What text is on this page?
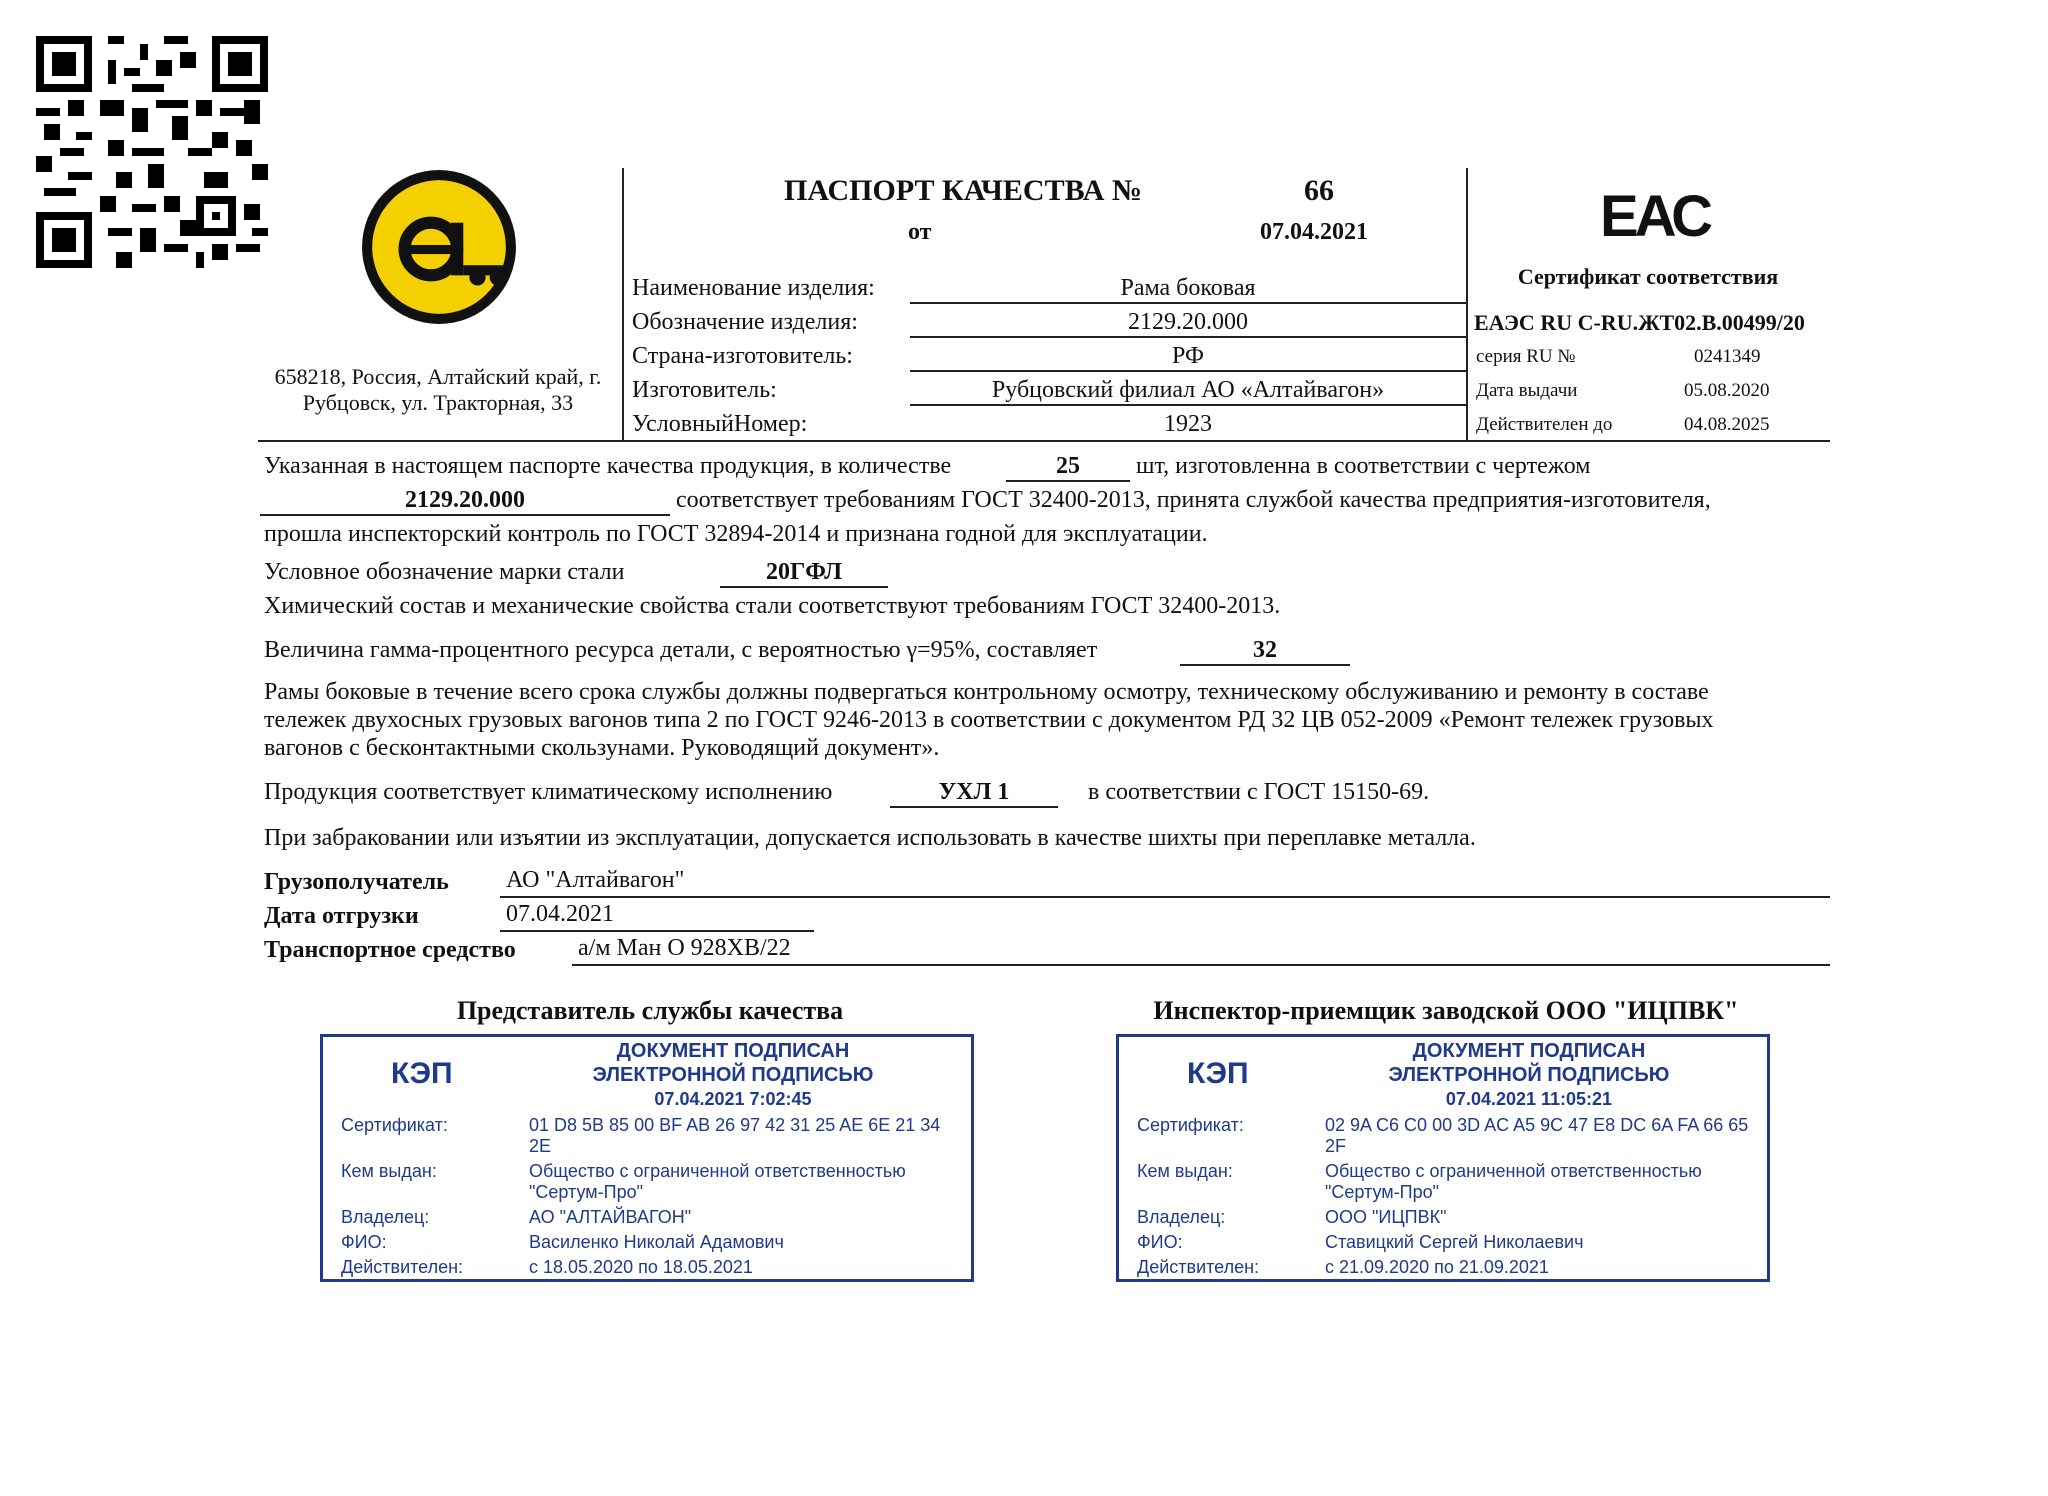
658218, Россия, Алтайский край, г.
Рубцовск, ул. Тракторная, 33
ПАСПОРТ КАЧЕСТВА №	66
от	07.04.2021
Наименование изделия:	Рама боковая
Обозначение изделия:	2129.20.000
Страна-изготовитель:	РФ
Изготовитель:	Рубцовский филиал АО «Алтайвагон»
УсловныйНомер:	1923
ЕАС
Сертификат соответствия
ЕАЭС RU C-RU.ЖТ02.В.00499/20
серия RU №	0241349
Дата выдачи	05.08.2020
Действителен до	04.08.2025
Указанная в настоящем паспорте качества продукция, в количестве	25	шт, изготовленна в соответствии с чертежом
2129.20.000	соответствует требованиям ГОСТ 32400-2013, принята службой качества предприятия-изготовителя,
прошла инспекторский контроль по ГОСТ 32894-2014 и признана годной для эксплуатации.
Условное обозначение марки стали	20ГФЛ
Химический состав и механические свойства стали соответствуют требованиям ГОСТ 32400-2013.
Величина гамма-процентного ресурса детали, с вероятностью γ=95%, составляет	32
Рамы боковые в течение всего срока службы должны подвергаться контрольному осмотру, техническому обслуживанию и ремонту в составе
тележек двухосных грузовых вагонов типа 2 по ГОСТ 9246-2013 в соответствии с документом РД 32 ЦВ 052-2009 «Ремонт тележек грузовых
вагонов с бесконтактными скользунами. Руководящий документ».
Продукция соответствует климатическому исполнению	УХЛ 1	в соответствии с ГОСТ 15150-69.
При забраковании или изъятии из эксплуатации, допускается использовать в качестве шихты при переплавке металла.
Грузополучатель АО "Алтайвагон"
Дата отгрузки	07.04.2021
Транспортное средство	а/м Ман О 928ХВ/22
Представитель службы качества	Инспектор-приемщик заводской ООО "ИЦПВК"
КЭП
ДОКУМЕНТ ПОДПИСАН
ЭЛЕКТРОННОЙ ПОДПИСЬЮ
07.04.2021 7:02:45
Сертификат:	01 D8 5B 85 00 BF AB 26 97 42 31 25 AE 6E 21 34 2E
Кем выдан:	Общество с ограниченной ответственностью "Сертум-Про"
Владелец:	АО "АЛТАЙВАГОН"
ФИО:	Василенко Николай Адамович
Действителен:	с 18.05.2020 по 18.05.2021
КЭП
ДОКУМЕНТ ПОДПИСАН
ЭЛЕКТРОННОЙ ПОДПИСЬЮ
07.04.2021 11:05:21
Сертификат:	02 9A C6 C0 00 3D AC A5 9C 47 E8 DC 6A FA 66 65 2F
Кем выдан:	Общество с ограниченной ответственностью "Сертум-Про"
Владелец:	ООО "ИЦПВК"
ФИО:	Ставицкий Сергей Николаевич
Действителен:	с 21.09.2020 по 21.09.2021
